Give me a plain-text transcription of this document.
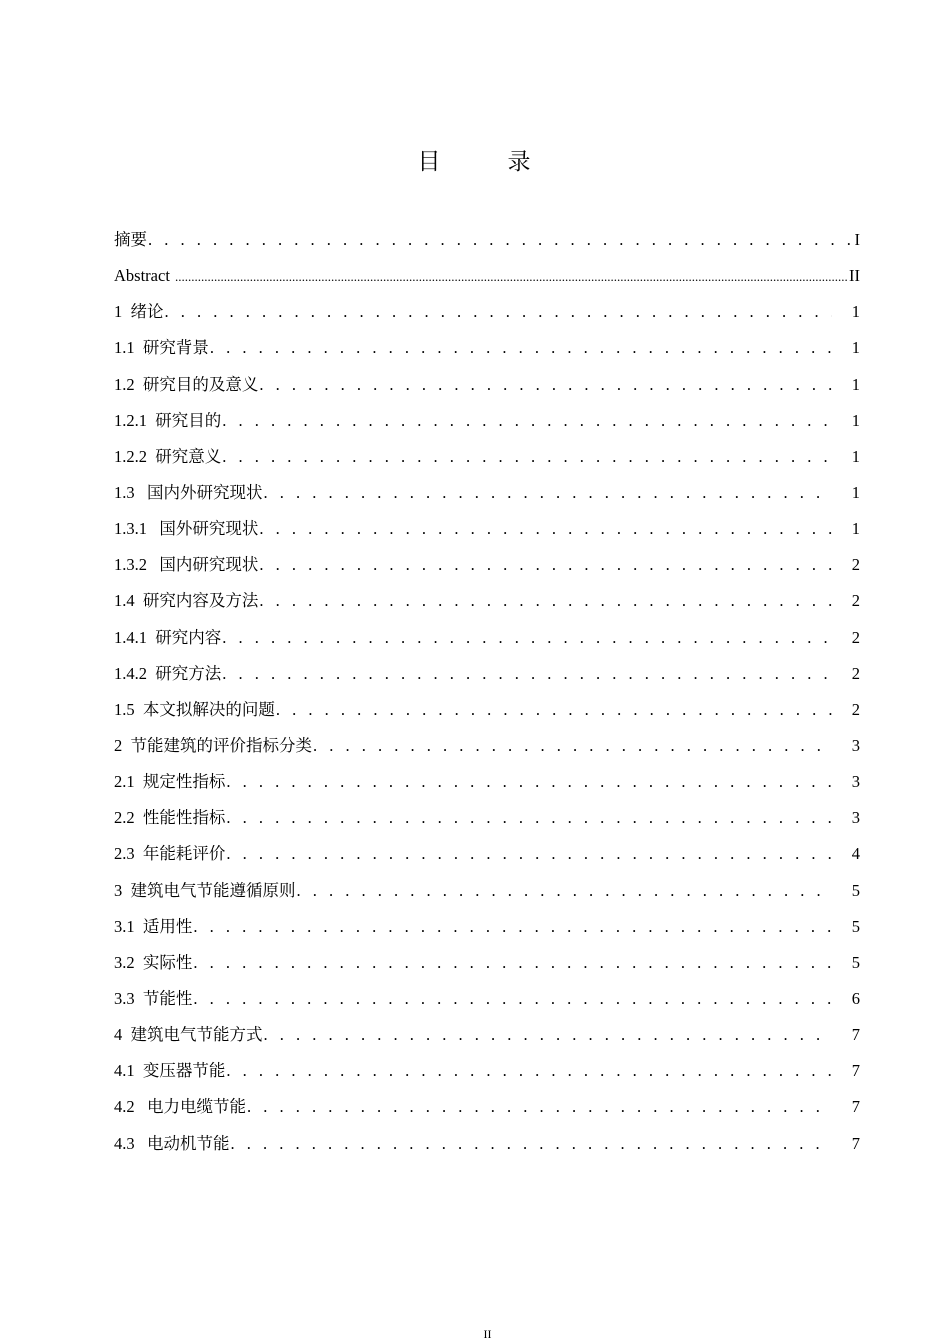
目　录
摘要 . . .	I
Abstract .....	II
1 绪论 . . .	1
1.1 研究背景 . . .	1
1.2 研究目的及意义 . . .	1
1.2.1 研究目的 . . .	1
1.2.2 研究意义 . . .	1
1.3 国内外研究现状 . . .	1
1.3.1 国外研究现状 . . .	1
1.3.2 国内研究现状 . . .	2
1.4 研究内容及方法 . . .	2
1.4.1 研究内容 . . .	2
1.4.2 研究方法 . . .	2
1.5 本文拟解决的问题 . . .	2
2 节能建筑的评价指标分类 . . .	3
2.1 规定性指标 . . .	3
2.2 性能性指标 . . .	3
2.3 年能耗评价 . . .	4
3 建筑电气节能遵循原则 . . .	5
3.1 适用性 . . .	5
3.2 实际性 . . .	5
3.3 节能性 . . .	6
4 建筑电气节能方式 . . .	7
4.1 变压器节能 . . .	7
4.2 电力电缆节能 . . .	7
4.3 电动机节能 . . .	7
II
